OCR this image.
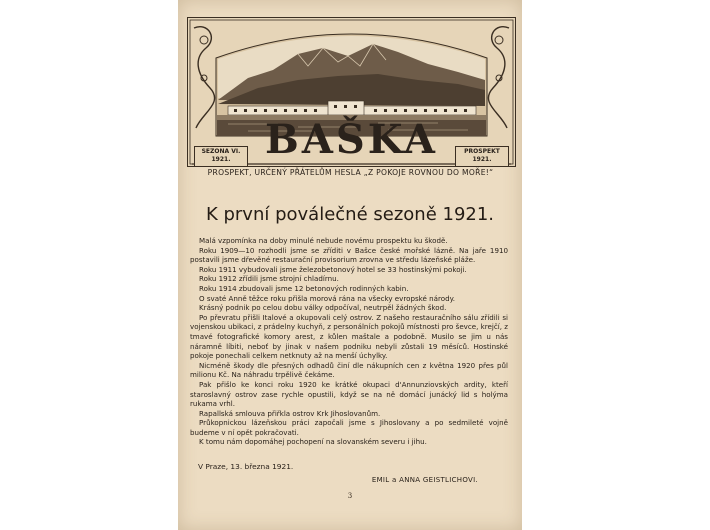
BAŠKA
SEZONA VI.
1921.
PROSPEKT
1921.
PROSPEKT, URČENÝ PŘÁTELŮM HESLA „Z POKOJE ROVNOU DO MOŘE!“
K první poválečné sezoně 1921.

Malá vzpomínka na doby minulé nebude novému prospektu ku škodě.

Roku 1909—10 rozhodli jsme se zříditi v Bašce české mořské lázně. Na jaře 1910 postavili jsme dřevěné restaurační provisorium zrovna ve středu lázeňské pláže.

Roku 1911 vybudovali jsme železobetonový hotel se 33 hostinskými pokoji.

Roku 1912 zřídili jsme strojní chladírnu.

Roku 1914 zbudovali jsme 12 betonových rodinných kabin.

O svaté Anně těžce roku přišla morová rána na všecky evropské národy.

Krásný podnik po celou dobu války odpočíval, neutrpěl žádných škod.

Po převratu přišli Italové a okupovali celý ostrov. Z našeho restauračního sálu zřídili si vojenskou ubikaci, z prádelny kuchyň, z personálních pokojů místnosti pro ševce, krejčí, z tmavé fotografické komory arest, z kůlen maštale a podobně. Musilo se jim u nás náramně líbiti, neboť by jinak v našem podniku nebyli zůstali 19 měsíců. Hostinské pokoje ponechali celkem netknuty až na menší úchylky.

Nicméně škody dle přesných odhadů činí dle nákupních cen z května 1920 přes půl milionu Kč. Na náhradu trpělivě čekáme.

Pak přišlo ke konci roku 1920 ke krátké okupaci d'Annunziovských ardity, kteří staroslavný ostrov zase rychle opustili, když se na ně domácí junácký lid s holýma rukama vrhl.

Rapallská smlouva přiřkla ostrov Krk Jihoslovanům.

Průkopnickou lázeňskou práci započali jsme s Jihoslovany a po sedmileté vojně budeme v ní opět pokračovati.

K tomu nám dopomáhej pochopení na slovanském severu i jihu.

V Praze, 13. března 1921.
EMIL a ANNA GEISTLICHOVI.
3
